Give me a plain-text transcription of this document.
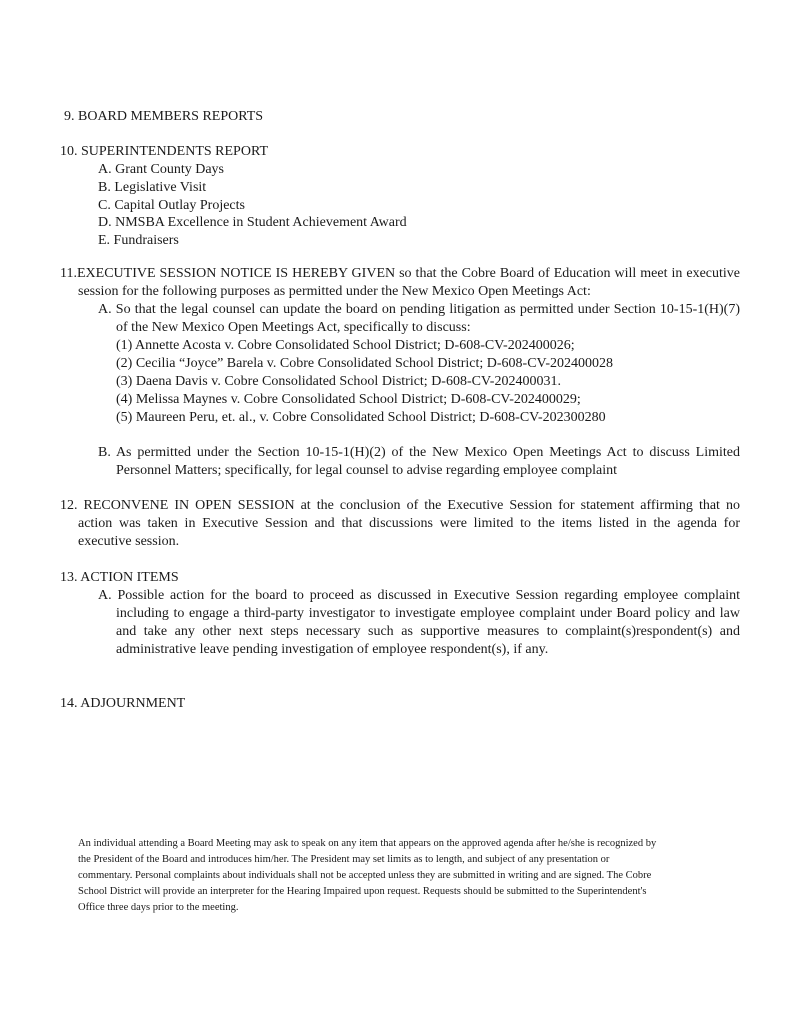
9. BOARD MEMBERS REPORTS
10. SUPERINTENDENTS REPORT
A. Grant County Days
B. Legislative Visit
C. Capital Outlay Projects
D. NMSBA Excellence in Student Achievement Award
E. Fundraisers
11.EXECUTIVE SESSION NOTICE IS HEREBY GIVEN so that the Cobre Board of Education will meet in executive
session for the following purposes as permitted under the New Mexico Open Meetings Act:
A. So that the legal counsel can update the board on pending litigation as permitted under Section 10-15-1(H)(7)
of the New Mexico Open Meetings Act, specifically to discuss:
(1) Annette Acosta v. Cobre Consolidated School District; D-608-CV-202400026;
(2) Cecilia “Joyce” Barela v. Cobre Consolidated School District; D-608-CV-202400028
(3) Daena Davis v. Cobre Consolidated School District; D-608-CV-202400031.
(4) Melissa Maynes v. Cobre Consolidated School District; D-608-CV-202400029;
(5) Maureen Peru, et. al., v. Cobre Consolidated School District; D-608-CV-202300280
B. As permitted under the Section 10-15-1(H)(2) of the New Mexico Open Meetings Act to discuss Limited
Personnel Matters; specifically, for legal counsel to advise regarding employee complaint
12. RECONVENE IN OPEN SESSION at the conclusion of the Executive Session for statement affirming that no
action was taken in Executive Session and that discussions were limited to the items listed in the agenda for
executive session.
13. ACTION ITEMS
A. Possible action for the board to proceed as discussed in Executive Session regarding employee complaint
including to engage a third-party investigator to investigate employee complaint under Board policy and law
and take any other next steps necessary such as supportive measures to complaint(s)respondent(s) and
administrative leave pending investigation of employee respondent(s), if any.
14. ADJOURNMENT
An individual attending a Board Meeting may ask to speak on any item that appears on the approved agenda after he/she is recognized by
the President of the Board and introduces him/her. The President may set limits as to length, and subject of any presentation or
commentary. Personal complaints about individuals shall not be accepted unless they are submitted in writing and are signed. The Cobre
School District will provide an interpreter for the Hearing Impaired upon request. Requests should be submitted to the Superintendent's
Office three days prior to the meeting.
